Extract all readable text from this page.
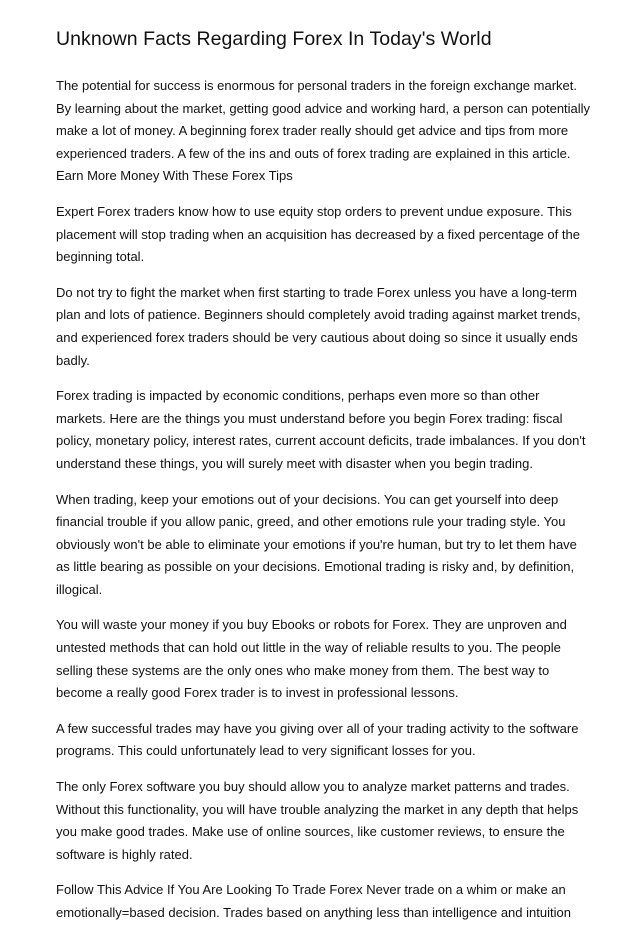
Unknown Facts Regarding Forex In Today's World

The potential for success is enormous for personal traders in the foreign exchange market.
By learning about the market, getting good advice and working hard, a person can potentially
make a lot of money. A beginning forex trader really should get advice and tips from more
experienced traders. A few of the ins and outs of forex trading are explained in this article.
Earn More Money With These Forex Tips

Expert Forex traders know how to use equity stop orders to prevent undue exposure. This
placement will stop trading when an acquisition has decreased by a fixed percentage of the
beginning total.

Do not try to fight the market when first starting to trade Forex unless you have a long-term
plan and lots of patience. Beginners should completely avoid trading against market trends,
and experienced forex traders should be very cautious about doing so since it usually ends
badly.

Forex trading is impacted by economic conditions, perhaps even more so than other
markets. Here are the things you must understand before you begin Forex trading: fiscal
policy, monetary policy, interest rates, current account deficits, trade imbalances. If you don't
understand these things, you will surely meet with disaster when you begin trading.

When trading, keep your emotions out of your decisions. You can get yourself into deep
financial trouble if you allow panic, greed, and other emotions rule your trading style. You
obviously won't be able to eliminate your emotions if you're human, but try to let them have
as little bearing as possible on your decisions. Emotional trading is risky and, by definition,
illogical.

You will waste your money if you buy Ebooks or robots for Forex. They are unproven and
untested methods that can hold out little in the way of reliable results to you. The people
selling these systems are the only ones who make money from them. The best way to
become a really good Forex trader is to invest in professional lessons.

A few successful trades may have you giving over all of your trading activity to the software
programs. This could unfortunately lead to very significant losses for you.

The only Forex software you buy should allow you to analyze market patterns and trades.
Without this functionality, you will have trouble analyzing the market in any depth that helps
you make good trades. Make use of online sources, like customer reviews, to ensure the
software is highly rated.

Follow This Advice If You Are Looking To Trade Forex Never trade on a whim or make an
emotionally=based decision. Trades based on anything less than intelligence and intuition
